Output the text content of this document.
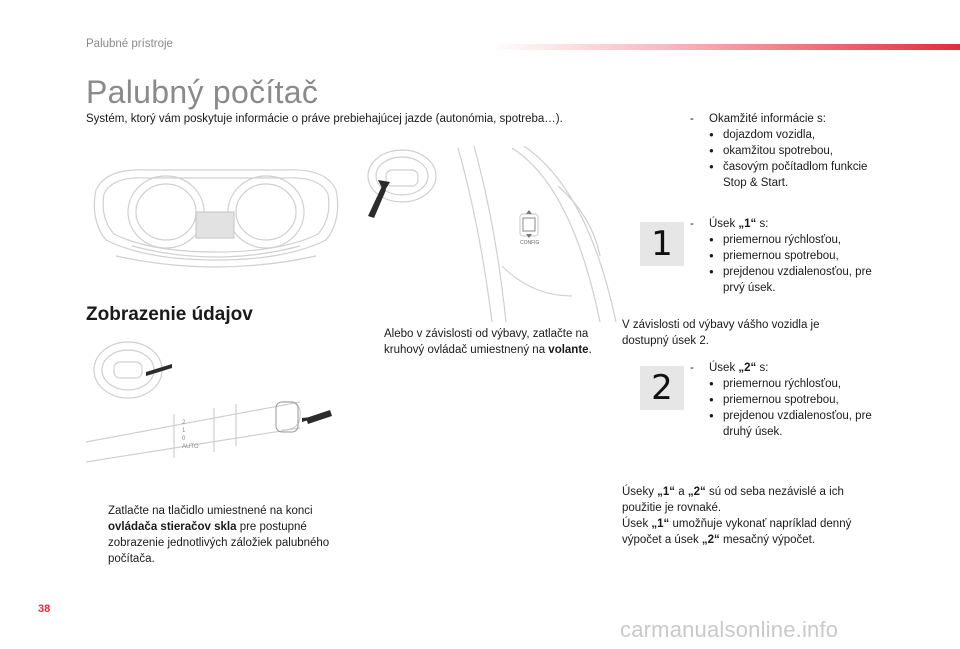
Palubné prístroje
Palubný počítač
Systém, ktorý vám poskytuje informácie o práve prebiehajúcej jazde (autonómia, spotreba…).
CONFIG
Zobrazenie údajov
Alebo v závislosti od výbavy, zatlačte na kruhový ovládač umiestnený na volante.
2
1
0
AUTO
Zatlačte na tlačidlo umiestnené na konci ovládača stieračov skla pre postupné zobrazenie jednotlivých záložiek palubného počítača.
- Okamžité informácie s:
● dojazdom vozidla,
● okamžitou spotrebou,
● časovým počítadlom funkcie Stop & Start.
1	- Úsek „1“ s:
● priemernou rýchlosťou,
● priemernou spotrebou,
● prejdenou vzdialenosťou, pre prvý úsek.
V závislosti od výbavy vášho vozidla je dostupný úsek 2.
2	- Úsek „2“ s:
● priemernou rýchlosťou,
● priemernou spotrebou,
● prejdenou vzdialenosťou, pre druhý úsek.
Úseky „1“ a „2“ sú od seba nezávislé a ich použitie je rovnaké.
Úsek „1“ umožňuje vykonať napríklad denný výpočet a úsek „2“ mesačný výpočet.
38
carmanualsonline.info
